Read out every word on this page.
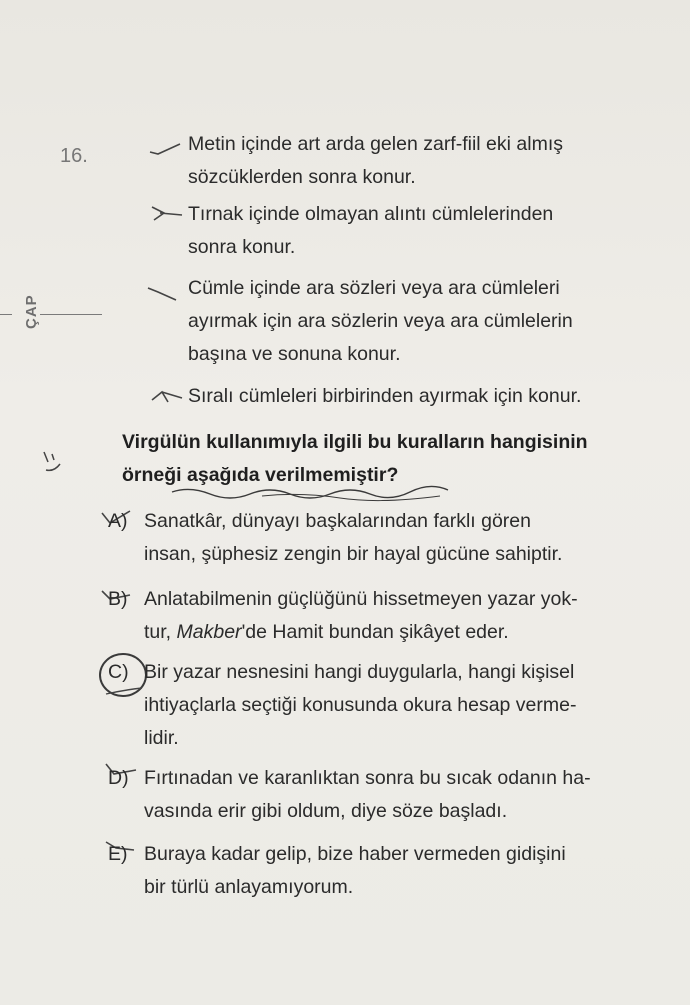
ÇAP
16.
Metin içinde art arda gelen zarf-fiil eki almış
sözcüklerden sonra konur.
Tırnak içinde olmayan alıntı cümlelerinden
sonra konur.
Cümle içinde ara sözleri veya ara cümleleri
ayırmak için ara sözlerin veya ara cümlelerin
başına ve sonuna konur.
Sıralı cümleleri birbirinden ayırmak için konur.
Virgülün kullanımıyla ilgili bu kuralların hangisinin
örneği aşağıda verilmemiştir?
A) Sanatkâr, dünyayı başkalarından farklı gören
insan, şüphesiz zengin bir hayal gücüne sahiptir.
B) Anlatabilmenin güçlüğünü hissetmeyen yazar yok-
tur, Makber'de Hamit bundan şikâyet eder.
C) Bir yazar nesnesini hangi duygularla, hangi kişisel
ihtiyaçlarla seçtiği konusunda okura hesap verme-
lidir.
D) Fırtınadan ve karanlıktan sonra bu sıcak odanın ha-
vasında erir gibi oldum, diye söze başladı.
E) Buraya kadar gelip, bize haber vermeden gidişini
bir türlü anlayamıyorum.
